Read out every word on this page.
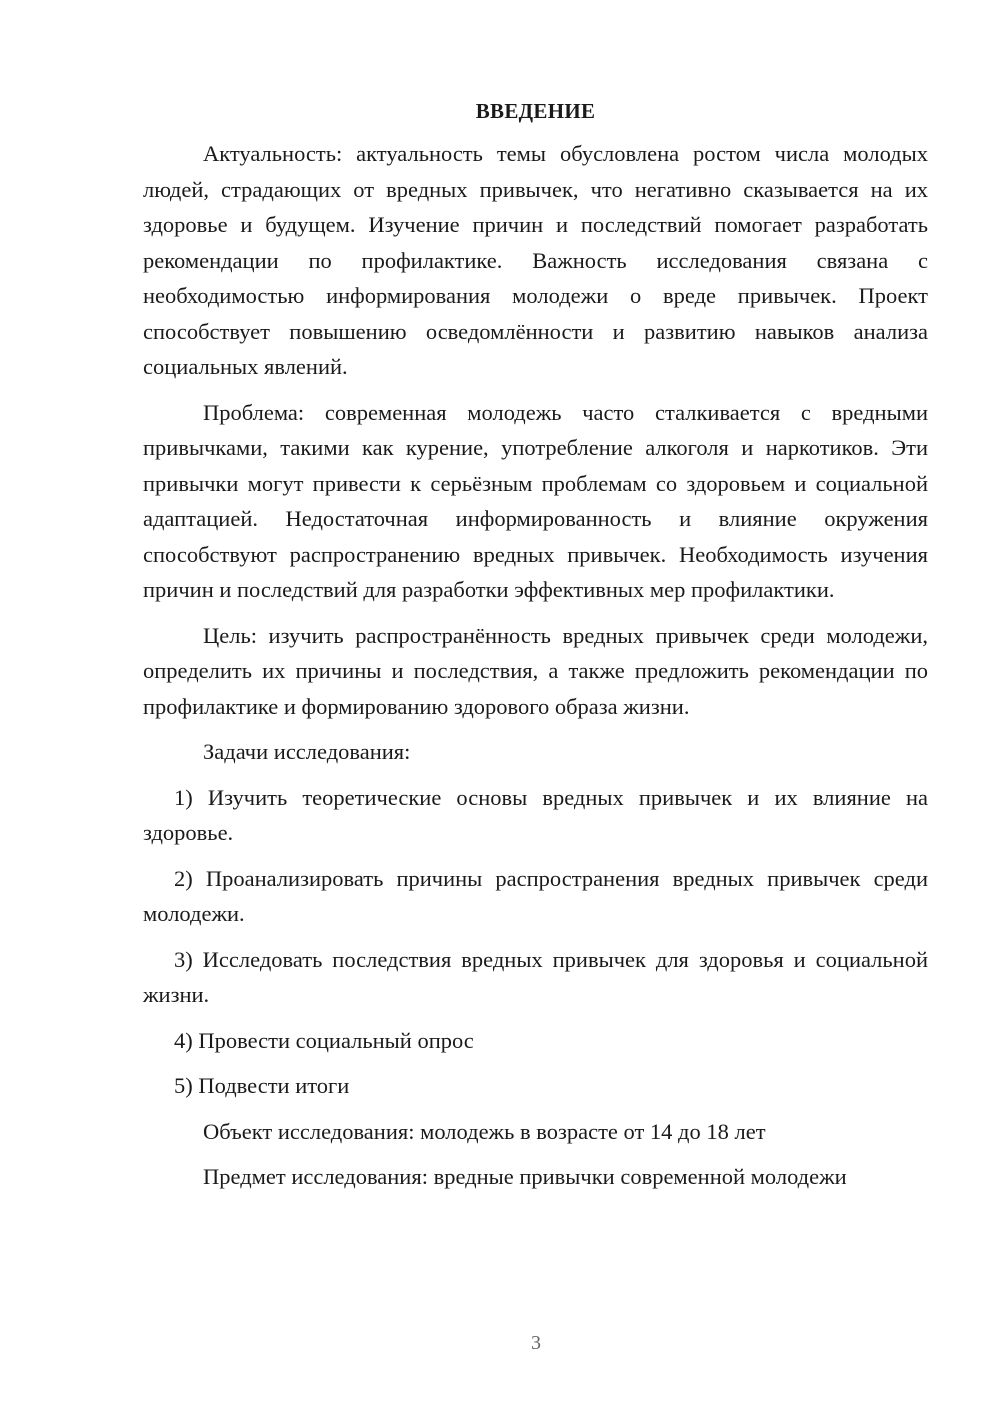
ВВЕДЕНИЕ

Актуальность: актуальность темы обусловлена ростом числа молодых людей, страдающих от вредных привычек, что негативно сказывается на их здоровье и будущем. Изучение причин и последствий помогает разработать рекомендации по профилактике. Важность исследования связана с необходимостью информирования молодежи о вреде привычек. Проект способствует повышению осведомлённости и развитию навыков анализа социальных явлений.

Проблема: современная молодежь часто сталкивается с вредными привычками, такими как курение, употребление алкоголя и наркотиков. Эти привычки могут привести к серьёзным проблемам со здоровьем и социальной адаптацией. Недостаточная информированность и влияние окружения способствуют распространению вредных привычек. Необходимость изучения причин и последствий для разработки эффективных мер профилактики.

Цель: изучить распространённость вредных привычек среди молодежи, определить их причины и последствия, а также предложить рекомендации по профилактике и формированию здорового образа жизни.

Задачи исследования:

1) Изучить теоретические основы вредных привычек и их влияние на здоровье.

2) Проанализировать причины распространения вредных привычек среди молодежи.

3) Исследовать последствия вредных привычек для здоровья и социальной жизни.

4) Провести социальный опрос

5) Подвести итоги

Объект исследования: молодежь в возрасте от 14 до 18 лет

Предмет исследования: вредные привычки современной молодежи

3
